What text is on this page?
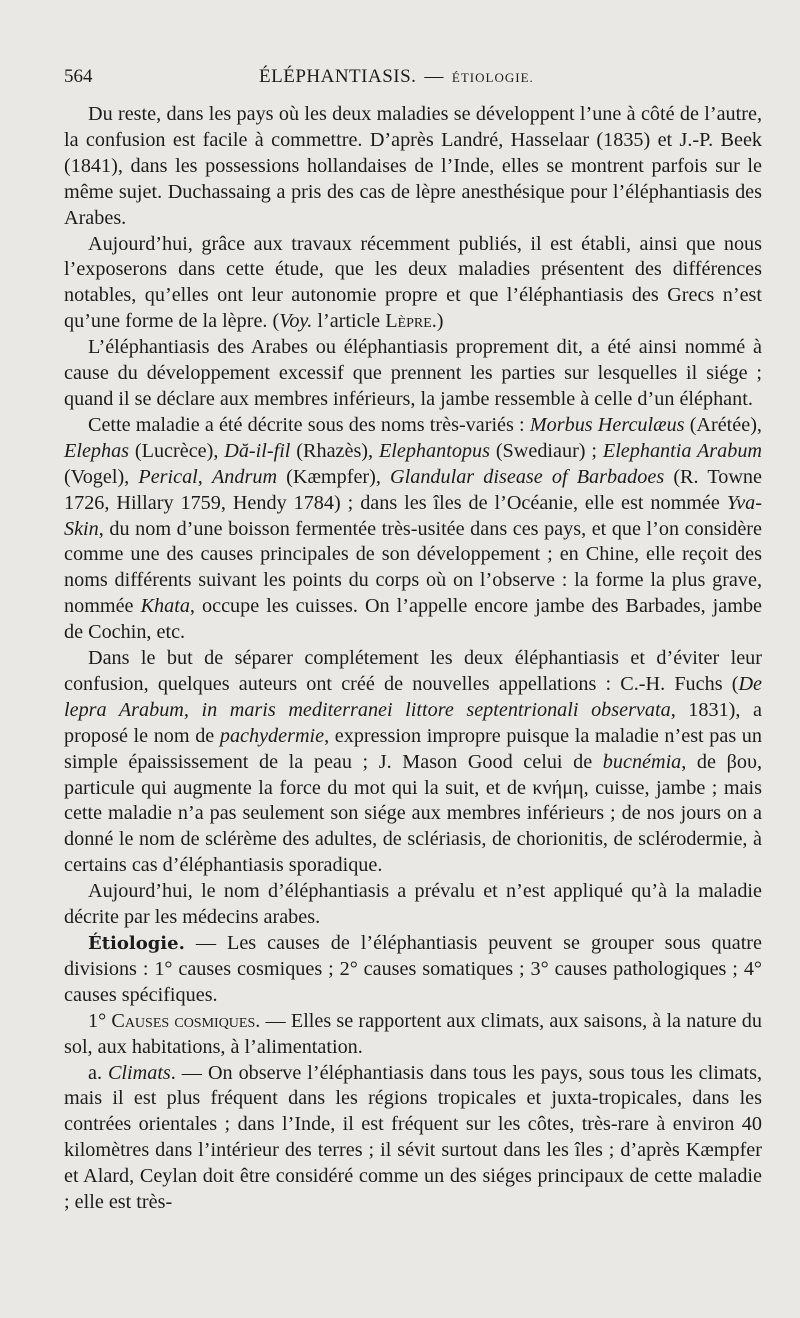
564	ÉLÉPHANTIASIS. — ÉTIOLOGIE.

Du reste, dans les pays où les deux maladies se développent l’une à côté de l’autre, la confusion est facile à commettre. D’après Landré, Hasselaar (1835) et J.-P. Beek (1841), dans les possessions hollandaises de l’Inde, elles se montrent parfois sur le même sujet. Duchassaing a pris des cas de lèpre anesthésique pour l’éléphantiasis des Arabes.

Aujourd’hui, grâce aux travaux récemment publiés, il est établi, ainsi que nous l’exposerons dans cette étude, que les deux maladies présentent des différences notables, qu’elles ont leur autonomie propre et que l’éléphantiasis des Grecs n’est qu’une forme de la lèpre. (Voy. l’article Lèpre.)

L’éléphantiasis des Arabes ou éléphantiasis proprement dit, a été ainsi nommé à cause du développement excessif que prennent les parties sur lesquelles il siége ; quand il se déclare aux membres inférieurs, la jambe ressemble à celle d’un éléphant.

Cette maladie a été décrite sous des noms très-variés : Morbus Herculæus (Arétée), Elephas (Lucrèce), Dă-il-fil (Rhazès), Elephantopus (Swediaur) ; Elephantia Arabum (Vogel), Perical, Andrum (Kæmpfer), Glandular disease of Barbadoes (R. Towne 1726, Hillary 1759, Hendy 1784) ; dans les îles de l’Océanie, elle est nommée Yva-Skin, du nom d’une boisson fermentée très-usitée dans ces pays, et que l’on considère comme une des causes principales de son développement ; en Chine, elle reçoit des noms différents suivant les points du corps où on l’observe : la forme la plus grave, nommée Khata, occupe les cuisses. On l’appelle encore jambe des Barbades, jambe de Cochin, etc.

Dans le but de séparer complétement les deux éléphantiasis et d’éviter leur confusion, quelques auteurs ont créé de nouvelles appellations : C.-H. Fuchs (De lepra Arabum, in maris mediterranei littore septentrionali observata, 1831), a proposé le nom de pachydermie, expression impropre puisque la maladie n’est pas un simple épaississement de la peau ; J. Mason Good celui de bucnémia, de βου, particule qui augmente la force du mot qui la suit, et de κνήμη, cuisse, jambe ; mais cette maladie n’a pas seulement son siége aux membres inférieurs ; de nos jours on a donné le nom de sclérème des adultes, de sclériasis, de chorionitis, de sclérodermie, à certains cas d’éléphantiasis sporadique.

Aujourd’hui, le nom d’éléphantiasis a prévalu et n’est appliqué qu’à la maladie décrite par les médecins arabes.

Étiologie. — Les causes de l’éléphantiasis peuvent se grouper sous quatre divisions : 1° causes cosmiques ; 2° causes somatiques ; 3° causes pathologiques ; 4° causes spécifiques.

1° Causes cosmiques. — Elles se rapportent aux climats, aux saisons, à la nature du sol, aux habitations, à l’alimentation.

a. Climats. — On observe l’éléphantiasis dans tous les pays, sous tous les climats, mais il est plus fréquent dans les régions tropicales et juxta-tropicales, dans les contrées orientales ; dans l’Inde, il est fréquent sur les côtes, très-rare à environ 40 kilomètres dans l’intérieur des terres ; il sévit surtout dans les îles ; d’après Kæmpfer et Alard, Ceylan doit être considéré comme un des siéges principaux de cette maladie ; elle est très-
